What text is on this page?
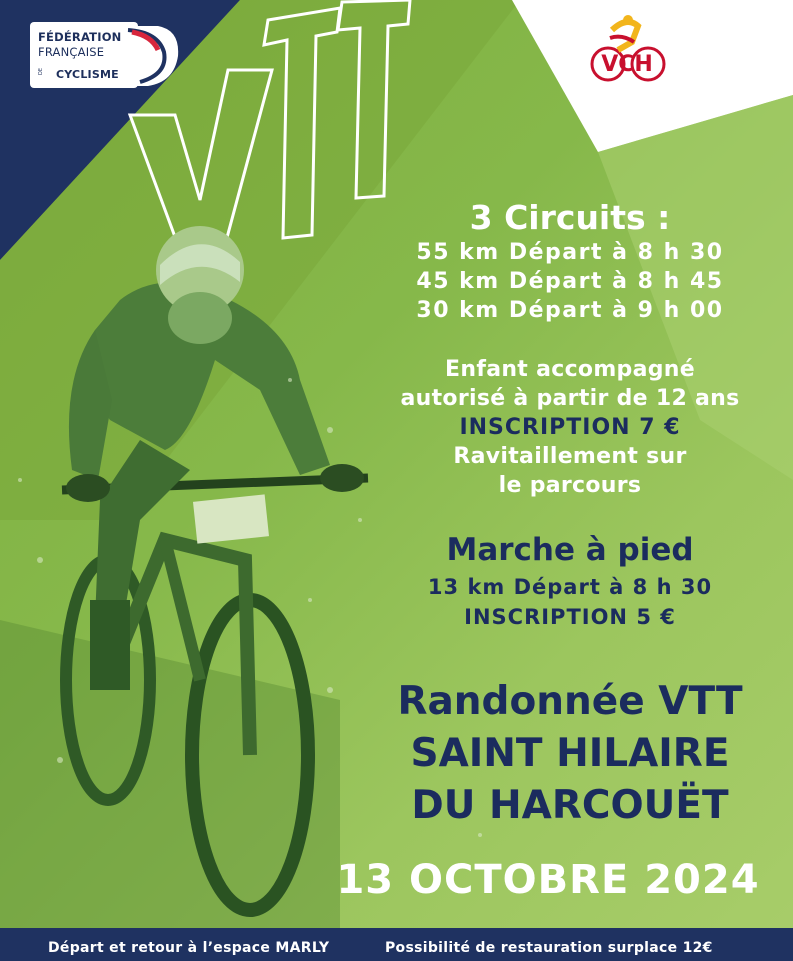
FÉDÉRATION
FRANÇAISE
DE CYCLISME	VCH
3 Circuits :
55 km Départ à 8 h 30
45 km Départ à 8 h 45
30 km Départ à 9 h 00
Enfant accompagné
autorisé à partir de 12 ans
INSCRIPTION 7 €
Ravitaillement sur
le parcours
Marche à pied
13 km Départ à 8 h 30
INSCRIPTION 5 €
Randonnée VTT
SAINT HILAIRE
DU HARCOUËT
13 OCTOBRE 2024
Départ et retour à l’espace MARLY	Possibilité de restauration surplace 12€
